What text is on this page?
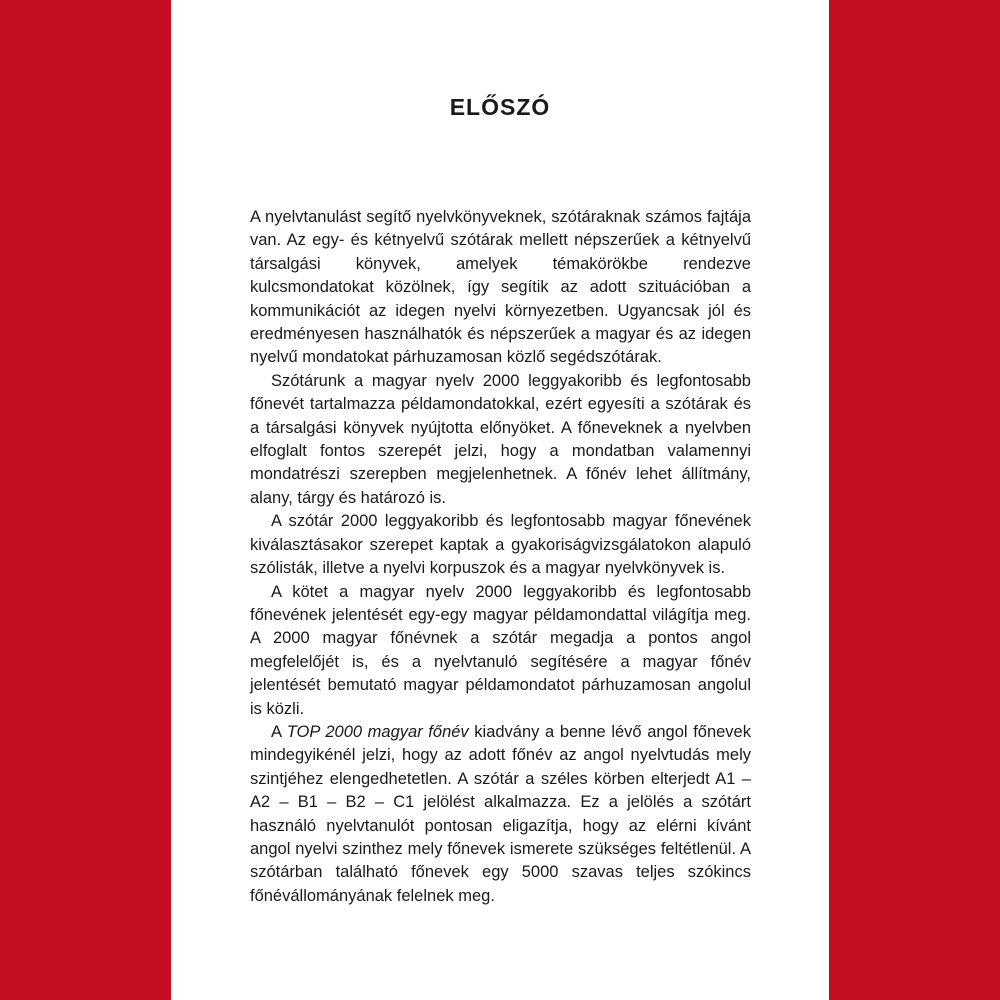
ELŐSZÓ

A nyelvtanulást segítő nyelvkönyveknek, szótáraknak számos fajtája van. Az egy- és kétnyelvű szótárak mellett népszerűek a kétnyelvű társalgási könyvek, amelyek témakörökbe rendezve kulcsmondatokat közölnek, így segítik az adott szituációban a kommunikációt az idegen nyelvi környezetben. Ugyancsak jól és eredményesen használhatók és népszerűek a magyar és az idegen nyelvű mondatokat párhuzamosan közlő segédszótárak.

Szótárunk a magyar nyelv 2000 leggyakoribb és legfontosabb főnevét tartalmazza példamondatokkal, ezért egyesíti a szótárak és a társalgási könyvek nyújtotta előnyöket. A főneveknek a nyelvben elfoglalt fontos szerepét jelzi, hogy a mondatban valamennyi mondatrészi szerepben megjelenhetnek. A főnév lehet állítmány, alany, tárgy és határozó is.

A szótár 2000 leggyakoribb és legfontosabb magyar főnevének kiválasztásakor szerepet kaptak a gyakoriságvizsgálatokon alapuló szólisták, illetve a nyelvi korpuszok és a magyar nyelvkönyvek is.

A kötet a magyar nyelv 2000 leggyakoribb és legfontosabb főnevének jelentését egy-egy magyar példamondattal világítja meg. A 2000 magyar főnévnek a szótár megadja a pontos angol megfelelőjét is, és a nyelvtanuló segítésére a magyar főnév jelentését bemutató magyar példamondatot párhuzamosan angolul is közli.

A TOP 2000 magyar főnév kiadvány a benne lévő angol főnevek mindegyikénél jelzi, hogy az adott főnév az angol nyelvtudás mely szintjéhez elengedhetetlen. A szótár a széles körben elterjedt A1 – A2 – B1 – B2 – C1 jelölést alkalmazza. Ez a jelölés a szótárt használó nyelvtanulót pontosan eligazítja, hogy az elérni kívánt angol nyelvi szinthez mely főnevek ismerete szükséges feltétlenül. A szótárban található főnevek egy 5000 szavas teljes szókincs főnévállományának felelnek meg.
